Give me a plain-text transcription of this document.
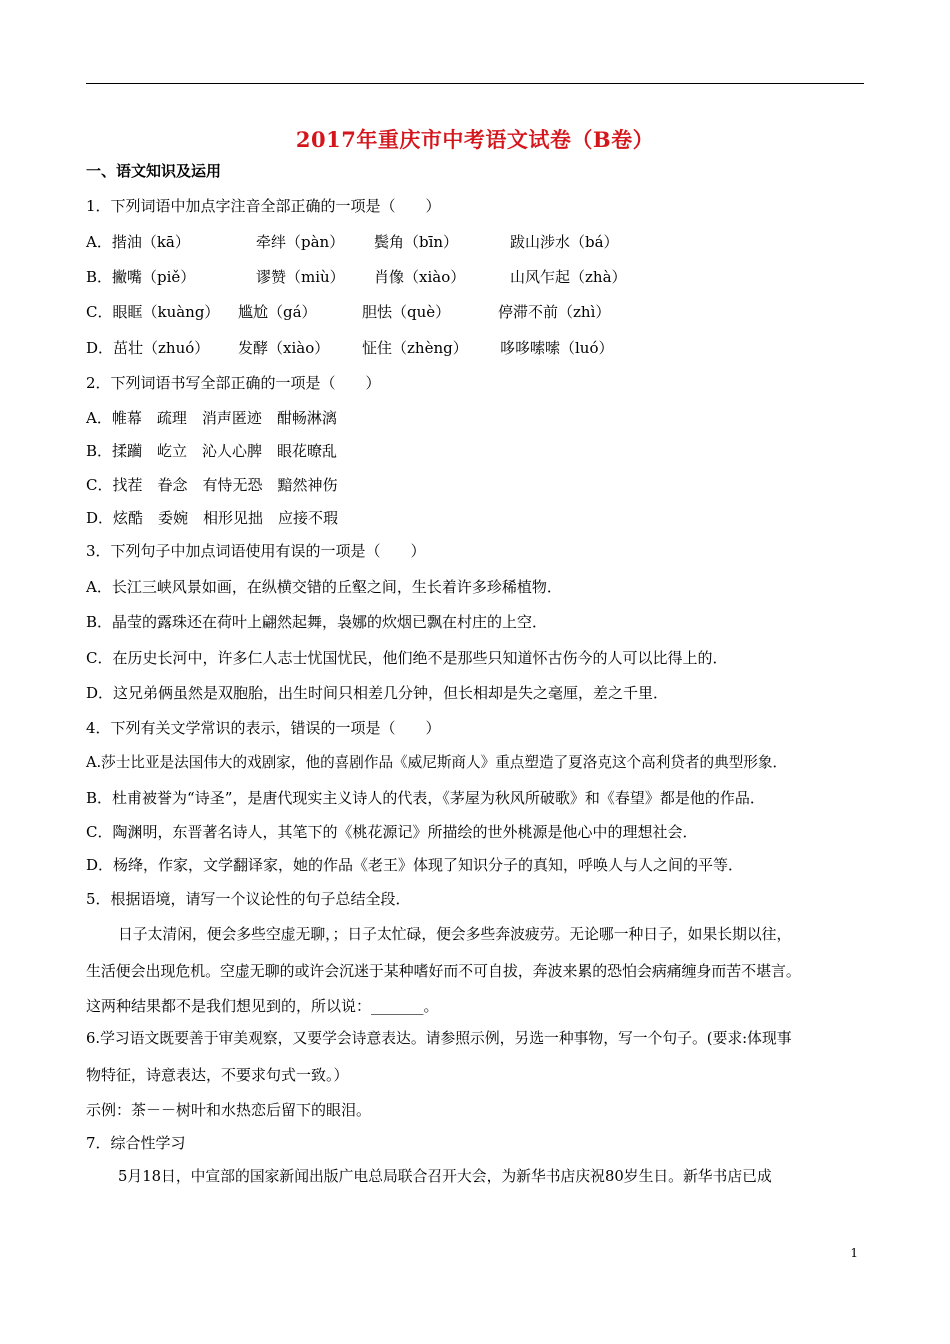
2017年重庆市中考语文试卷（B卷）
一、语文知识及运用
1．下列词语中加点字注音全部正确的一项是（　　）
A．揩油（kā）	牵绊（pàn） 鬓角（bīn）	跋山涉水（bá）
B．撇嘴（piě）	谬赞（miù） 肖像（xiào）	山风乍起（zhà）
C．眼眶（kuàng） 尴尬（gá）	胆怯（què）	停滞不前（zhì）
D．茁壮（zhuó） 发酵（xiào） 怔住（zhèng） 哆哆嗦嗦（luó）
2．下列词语书写全部正确的一项是（　　）
A．帷幕　疏理　消声匿迹　酣畅淋漓
B．揉躏　屹立　沁人心脾　眼花暸乱
C．找茬　眷念　有恃无恐　黯然神伤
D．炫酷　委婉　相形见拙　应接不瑕
3．下列句子中加点词语使用有误的一项是（　　）
A．长江三峡风景如画，在纵横交错的丘壑之间，生长着许多珍稀植物．
B．晶莹的露珠还在荷叶上翩然起舞，袅娜的炊烟已飘在村庄的上空．
C．在历史长河中，许多仁人志士忧国忧民，他们绝不是那些只知道怀古伤今的人可以比得上的．
D．这兄弟俩虽然是双胞胎，出生时间只相差几分钟，但长相却是失之毫厘，差之千里．
4．下列有关文学常识的表示，错误的一项是（　　）
A.莎士比亚是法国伟大的戏剧家，他的喜剧作品《威尼斯商人》重点塑造了夏洛克这个高利贷者的典型形象．
B．杜甫被誉为“诗圣”，是唐代现实主义诗人的代表，《茅屋为秋风所破歌》和《春望》都是他的作品．
C．陶渊明，东晋著名诗人，其笔下的《桃花源记》所描绘的世外桃源是他心中的理想社会．
D．杨绛，作家，文学翻译家，她的作品《老王》体现了知识分子的真知，呼唤人与人之间的平等．
5．根据语境，请写一个议论性的句子总结全段．
日子太清闲，便会多些空虚无聊，；日子太忙碌，便会多些奔波疲劳。无论哪一种日子，如果长期以往，
生活便会出现危机。空虚无聊的或许会沉迷于某种嗜好而不可自拔，奔波来累的恐怕会病痛缠身而苦不堪言。
这两种结果都不是我们想见到的，所以说：_______。
6.学习语文既要善于审美观察，又要学会诗意表达。请参照示例，另选一种事物，写一个句子。(要求:体现事
物特征，诗意表达，不要求句式一致。）
示例：茶－－树叶和水热恋后留下的眼泪。
7．综合性学习
5月18日，中宣部的国家新闻出版广电总局联合召开大会，为新华书店庆祝80岁生日。新华书店已成
1
